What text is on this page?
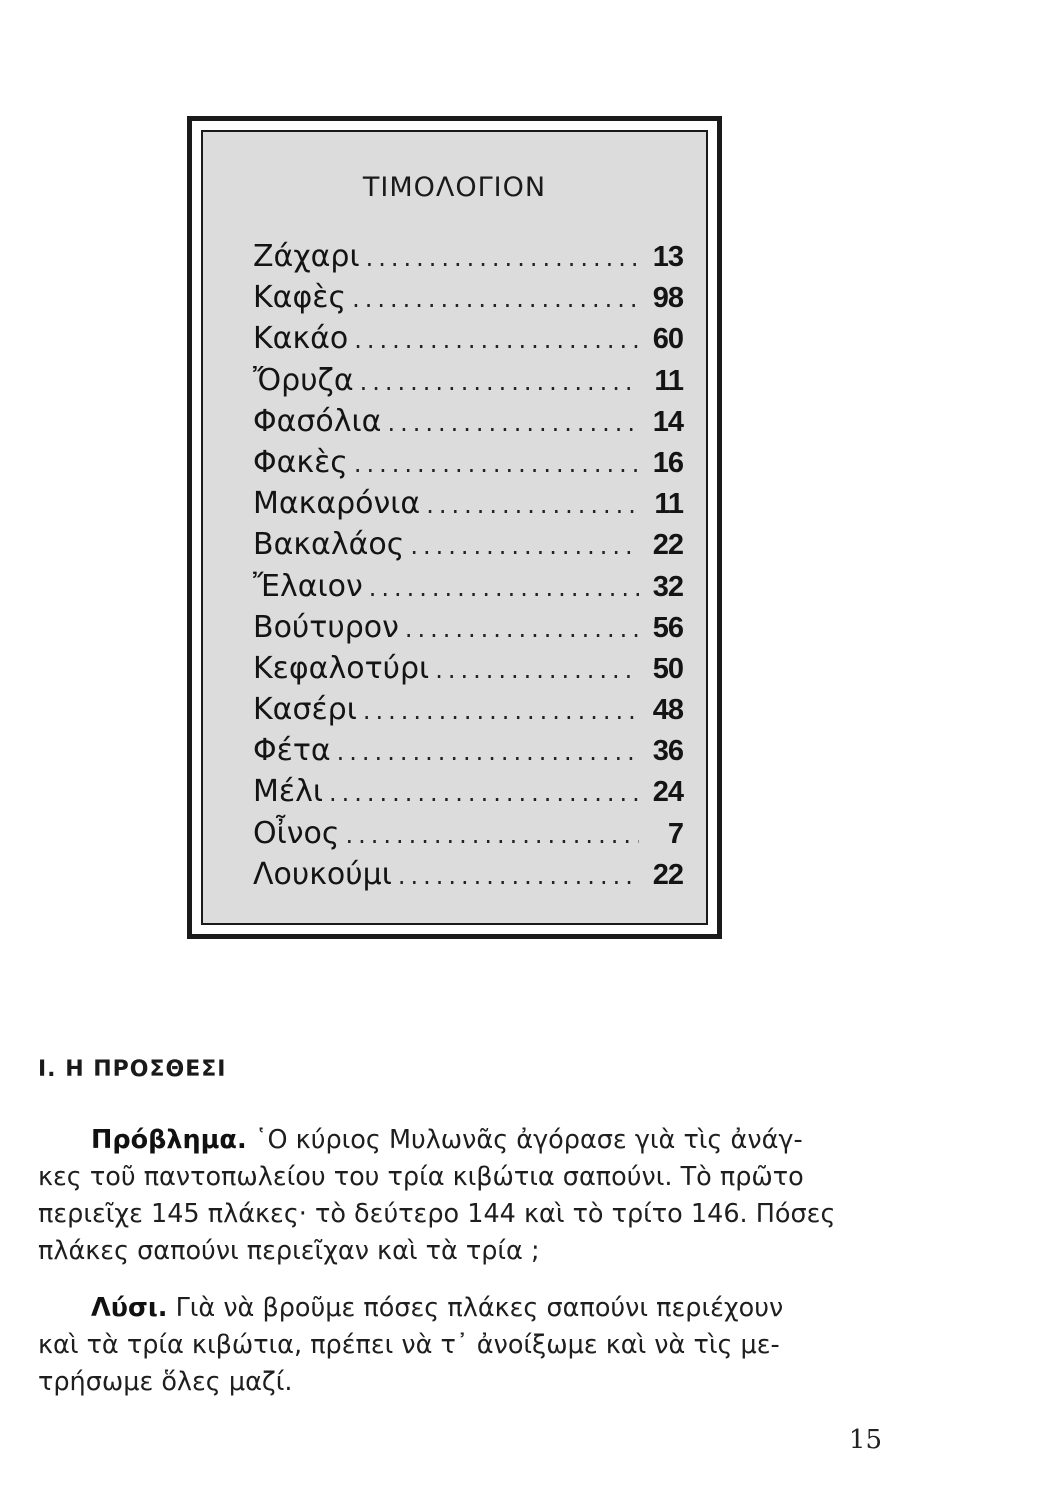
ΤΙΜΟΛΟΓΙΟΝ
Ζάχαρι .....	13
Καφὲς .....	98
Κακάο .....	60
Ὄρυζα .....	11
Φασόλια .....	14
Φακὲς .....	16
Μακαρόνια .....	11
Βακαλάος .....	22
Ἔλαιον .....	32
Βούτυρον .....	56
Κεφαλοτύρι .....	50
Κασέρι .....	48
Φέτα .....	36
Μέλι .....	24
Οἶνος .....	7
Λουκούμι .....	22
Ι. Η ΠΡΟΣΘΕΣΙ
Πρόβλημα. ῾Ο κύριος Μυλωνᾶς ἀγόρασε γιὰ τὶς ἀνάγ-
κες τοῦ παντοπωλείου του τρία κιβώτια σαπούνι. Τὸ πρῶτο
περιεῖχε 145 πλάκες· τὸ δεύτερο 144 καὶ τὸ τρίτο 146. Πόσες
πλάκες σαπούνι περιεῖχαν καὶ τὰ τρία ;
Λύσι. Γιὰ νὰ βροῦμε πόσες πλάκες σαπούνι περιέχουν
καὶ τὰ τρία κιβώτια, πρέπει νὰ τ᾽ ἀνοίξωμε καὶ νὰ τὶς με-
τρήσωμε ὅλες μαζί.
15
